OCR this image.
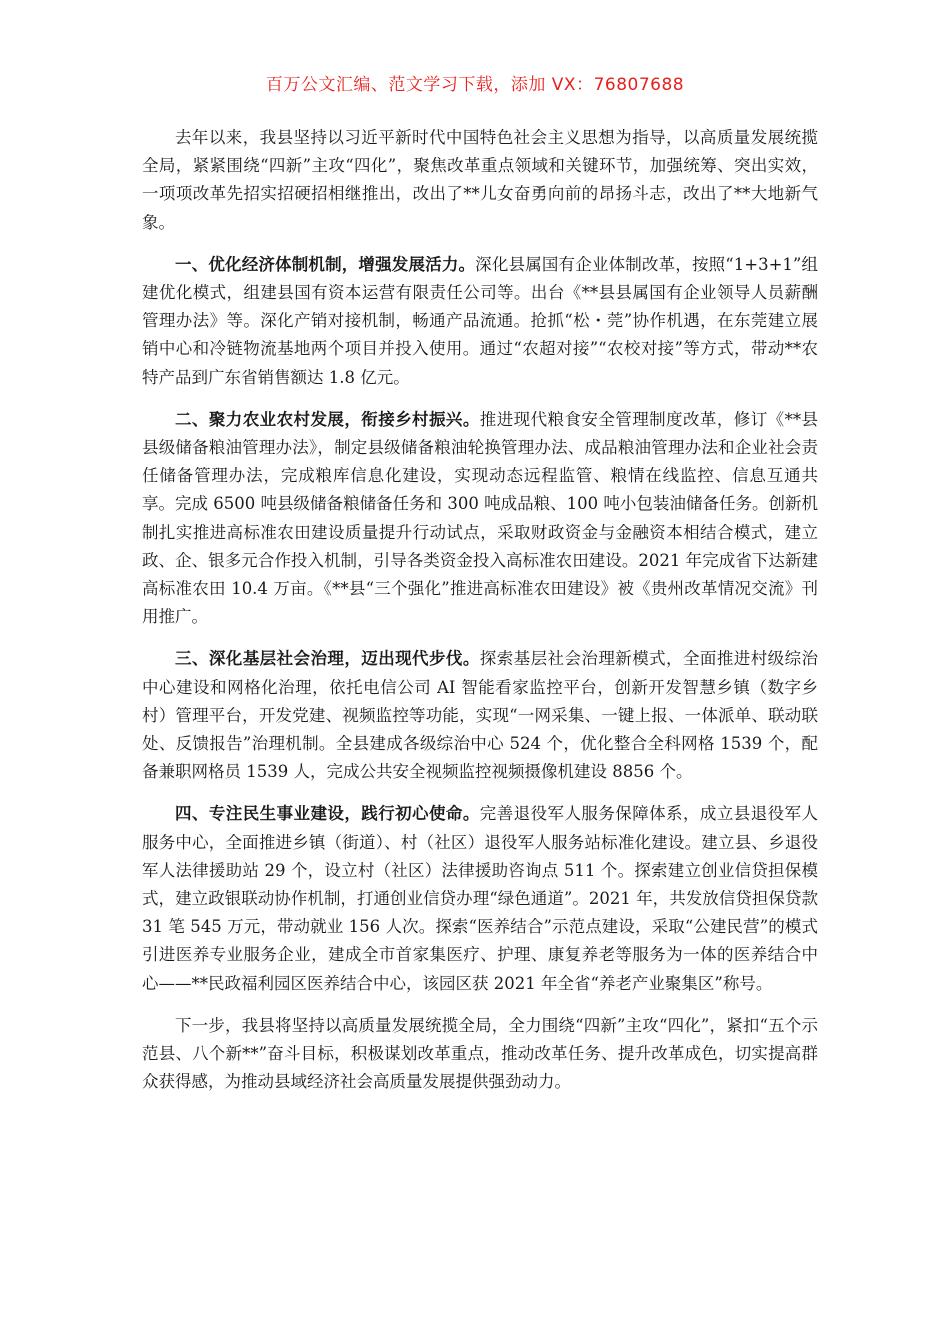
百万公文汇编、范文学习下载，添加 VX：76807688

去年以来，我县坚持以习近平新时代中国特色社会主义思想为指导，以高质量发展统揽全局，紧紧围绕“四新”主攻“四化”，聚焦改革重点领域和关键环节，加强统筹、突出实效，一项项改革先招实招硬招相继推出，改出了**儿女奋勇向前的昂扬斗志，改出了**大地新气象。

一、优化经济体制机制，增强发展活力。深化县属国有企业体制改革，按照“1+3+1”组建优化模式，组建县国有资本运营有限责任公司等。出台《**县县属国有企业领导人员薪酬管理办法》等。深化产销对接机制，畅通产品流通。抢抓“松・莞”协作机遇，在东莞建立展销中心和冷链物流基地两个项目并投入使用。通过“农超对接”“农校对接”等方式，带动**农特产品到广东省销售额达 1.8 亿元。

二、聚力农业农村发展，衔接乡村振兴。推进现代粮食安全管理制度改革，修订《**县县级储备粮油管理办法》，制定县级储备粮油轮换管理办法、成品粮油管理办法和企业社会责任储备管理办法，完成粮库信息化建设，实现动态远程监管、粮情在线监控、信息互通共享。完成 6500 吨县级储备粮储备任务和 300 吨成品粮、100 吨小包装油储备任务。创新机制扎实推进高标准农田建设质量提升行动试点，采取财政资金与金融资本相结合模式，建立政、企、银多元合作投入机制，引导各类资金投入高标准农田建设。2021 年完成省下达新建高标准农田 10.4 万亩。《**县“三个强化”推进高标准农田建设》被《贵州改革情况交流》刊用推广。

三、深化基层社会治理，迈出现代步伐。探索基层社会治理新模式，全面推进村级综治中心建设和网格化治理，依托电信公司 AI 智能看家监控平台，创新开发智慧乡镇（数字乡村）管理平台，开发党建、视频监控等功能，实现“一网采集、一键上报、一体派单、联动联处、反馈报告”治理机制。全县建成各级综治中心 524 个，优化整合全科网格 1539 个，配备兼职网格员 1539 人，完成公共安全视频监控视频摄像机建设 8856 个。

四、专注民生事业建设，践行初心使命。完善退役军人服务保障体系，成立县退役军人服务中心，全面推进乡镇（街道）、村（社区）退役军人服务站标准化建设。建立县、乡退役军人法律援助站 29 个，设立村（社区）法律援助咨询点 511 个。探索建立创业信贷担保模式，建立政银联动协作机制，打通创业信贷办理“绿色通道”。2021 年，共发放信贷担保贷款 31 笔 545 万元，带动就业 156 人次。探索“医养结合”示范点建设，采取“公建民营”的模式引进医养专业服务企业，建成全市首家集医疗、护理、康复养老等服务为一体的医养结合中心——**民政福利园区医养结合中心，该园区获 2021 年全省“养老产业聚集区”称号。

下一步，我县将坚持以高质量发展统揽全局，全力围绕“四新”主攻“四化”，紧扣“五个示范县、八个新**”奋斗目标，积极谋划改革重点，推动改革任务、提升改革成色，切实提高群众获得感，为推动县域经济社会高质量发展提供强劲动力。
